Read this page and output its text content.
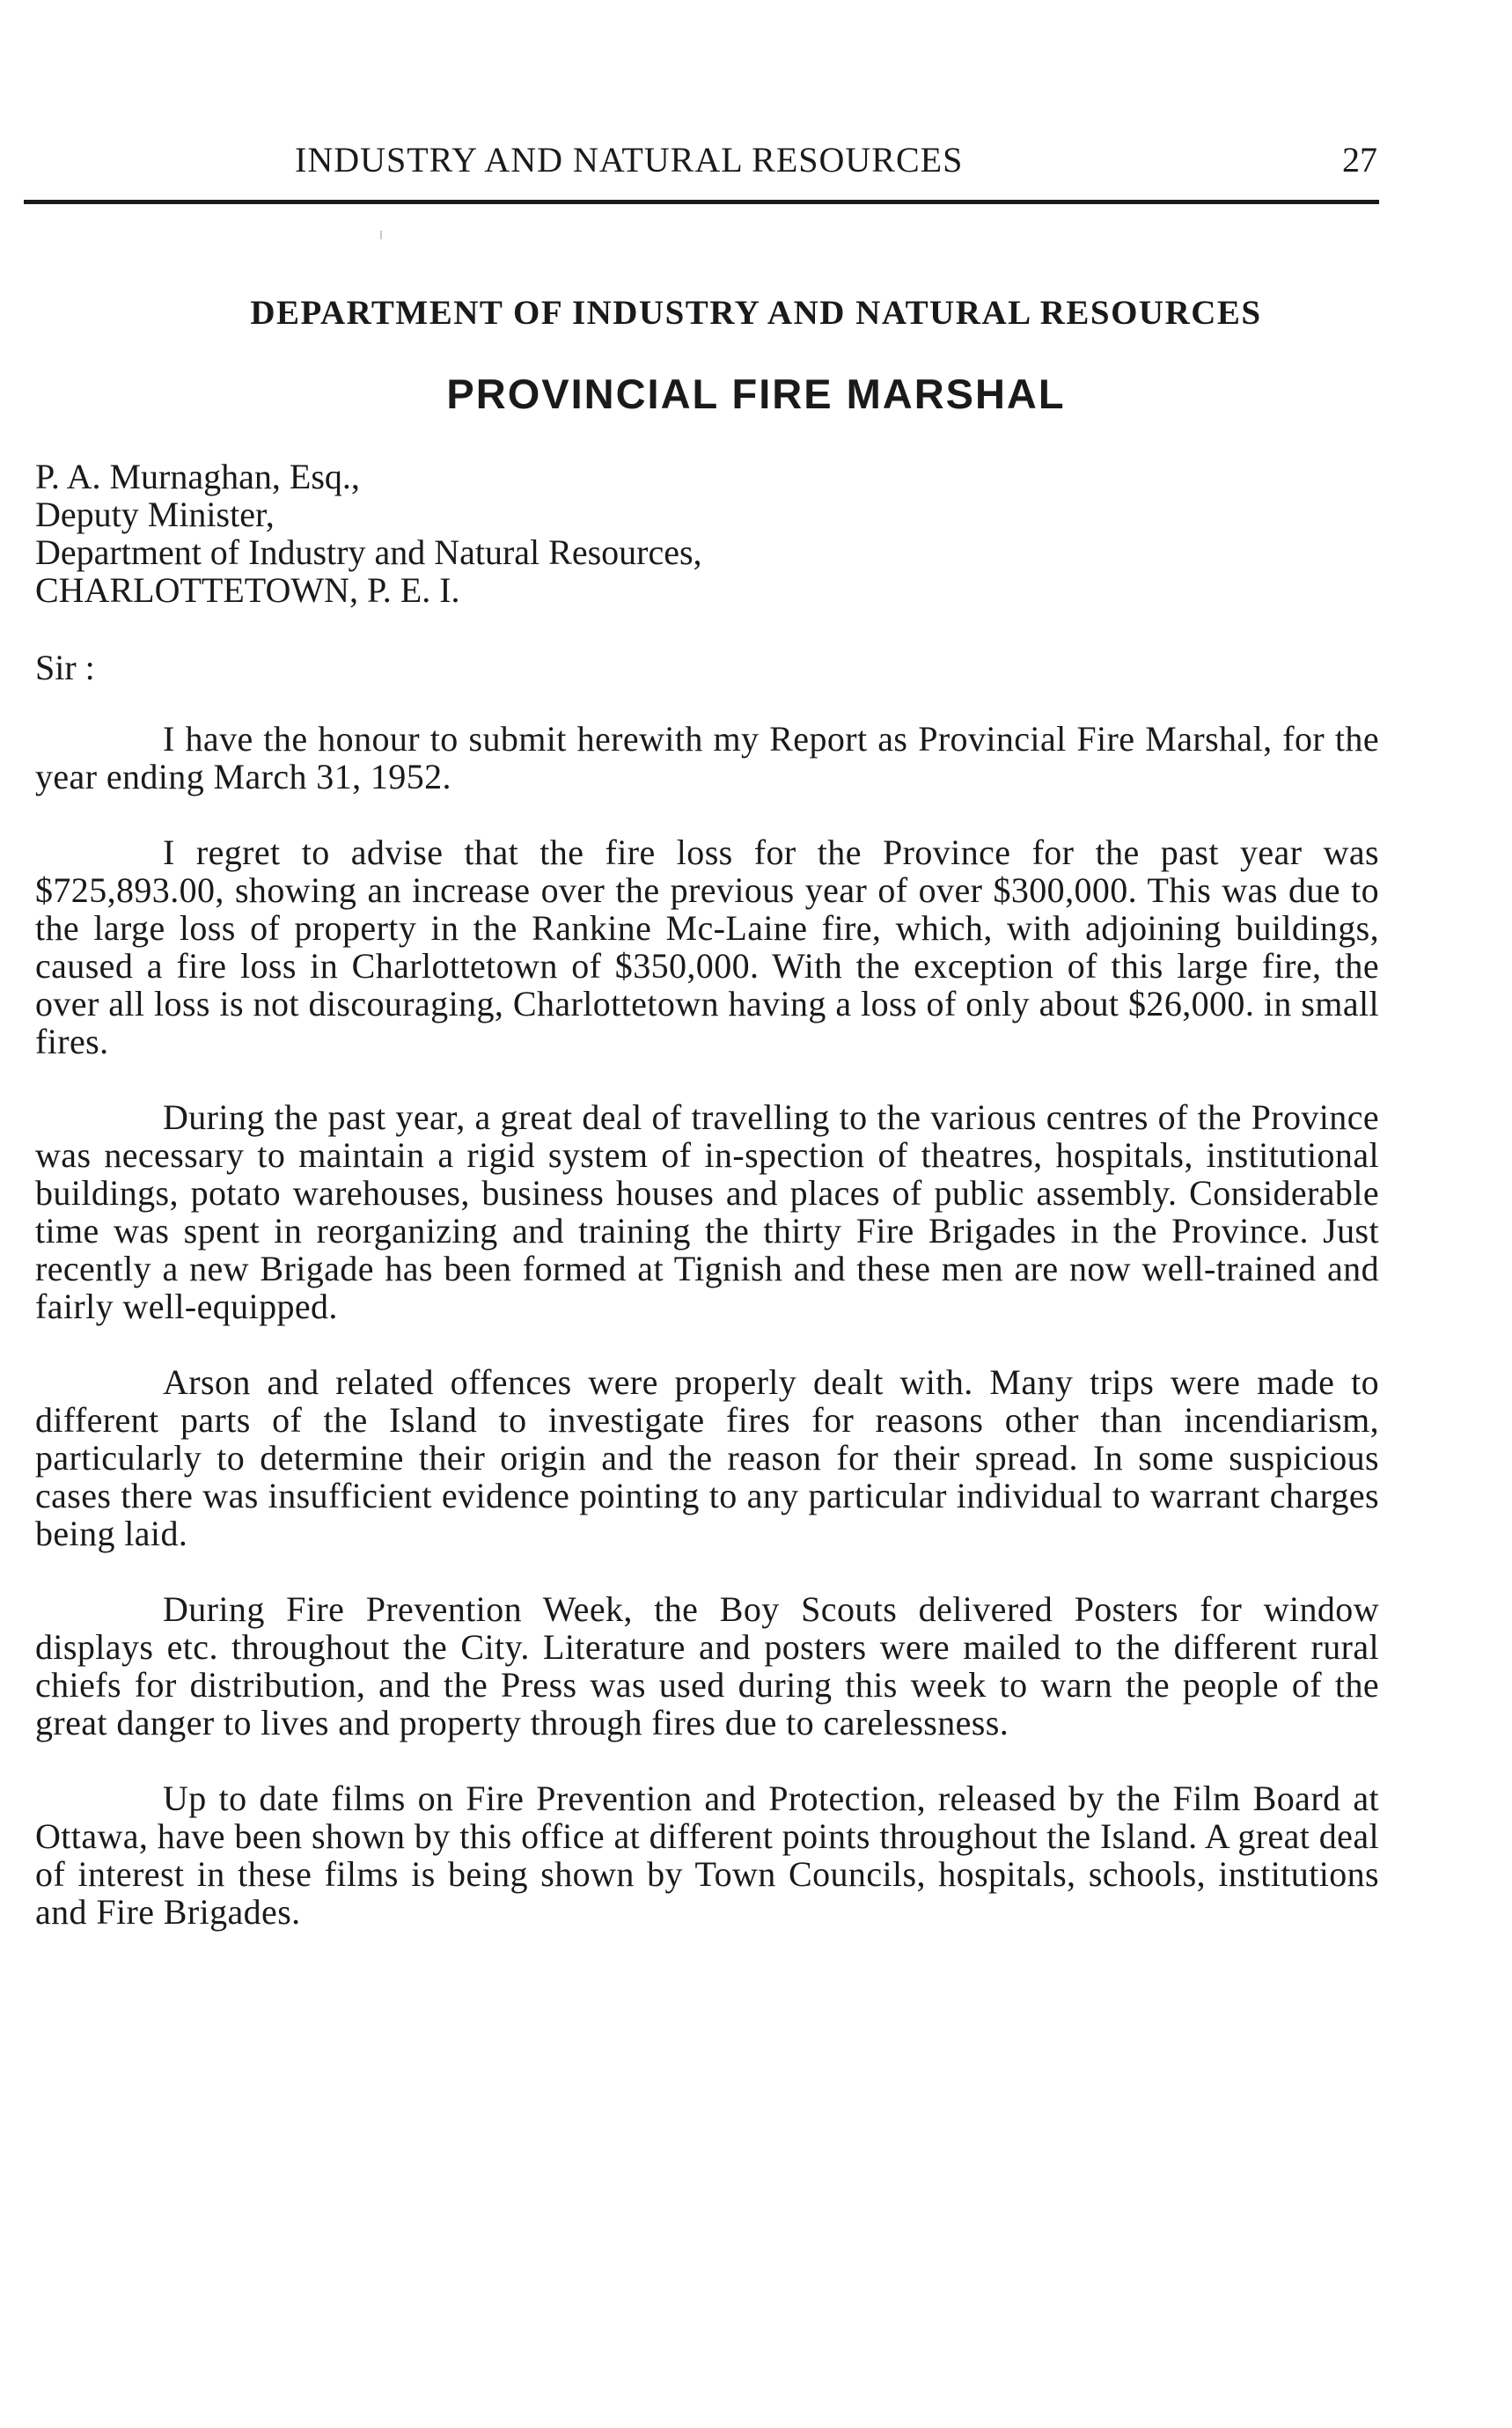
INDUSTRY AND NATURAL RESOURCES	27
DEPARTMENT OF INDUSTRY AND NATURAL RESOURCES
PROVINCIAL FIRE MARSHAL
P. A. Murnaghan, Esq.,
Deputy Minister,
Department of Industry and Natural Resources,
CHARLOTTETOWN, P. E. I.
Sir :

I have the honour to submit herewith my Report as Provincial Fire Marshal, for the year ending March 31, 1952.

I regret to advise that the fire loss for the Province for the past year was $725,893.00, showing an increase over the previous year of over $300,000. This was due to the large loss of property in the Rankine Mc-Laine fire, which, with adjoining buildings, caused a fire loss in Charlottetown of $350,000. With the exception of this large fire, the over all loss is not discouraging, Charlottetown having a loss of only about $26,000. in small fires.

During the past year, a great deal of travelling to the various centres of the Province was necessary to maintain a rigid system of in-spection of theatres, hospitals, institutional buildings, potato warehouses, business houses and places of public assembly. Considerable time was spent in reorganizing and training the thirty Fire Brigades in the Province. Just recently a new Brigade has been formed at Tignish and these men are now well-trained and fairly well-equipped.

Arson and related offences were properly dealt with. Many trips were made to different parts of the Island to investigate fires for reasons other than incendiarism, particularly to determine their origin and the reason for their spread. In some suspicious cases there was insufficient evidence pointing to any particular individual to warrant charges being laid.

During Fire Prevention Week, the Boy Scouts delivered Posters for window displays etc. throughout the City. Literature and posters were mailed to the different rural chiefs for distribution, and the Press was used during this week to warn the people of the great danger to lives and property through fires due to carelessness.

Up to date films on Fire Prevention and Protection, released by the Film Board at Ottawa, have been shown by this office at different points throughout the Island. A great deal of interest in these films is being shown by Town Councils, hospitals, schools, institutions and Fire Brigades.
